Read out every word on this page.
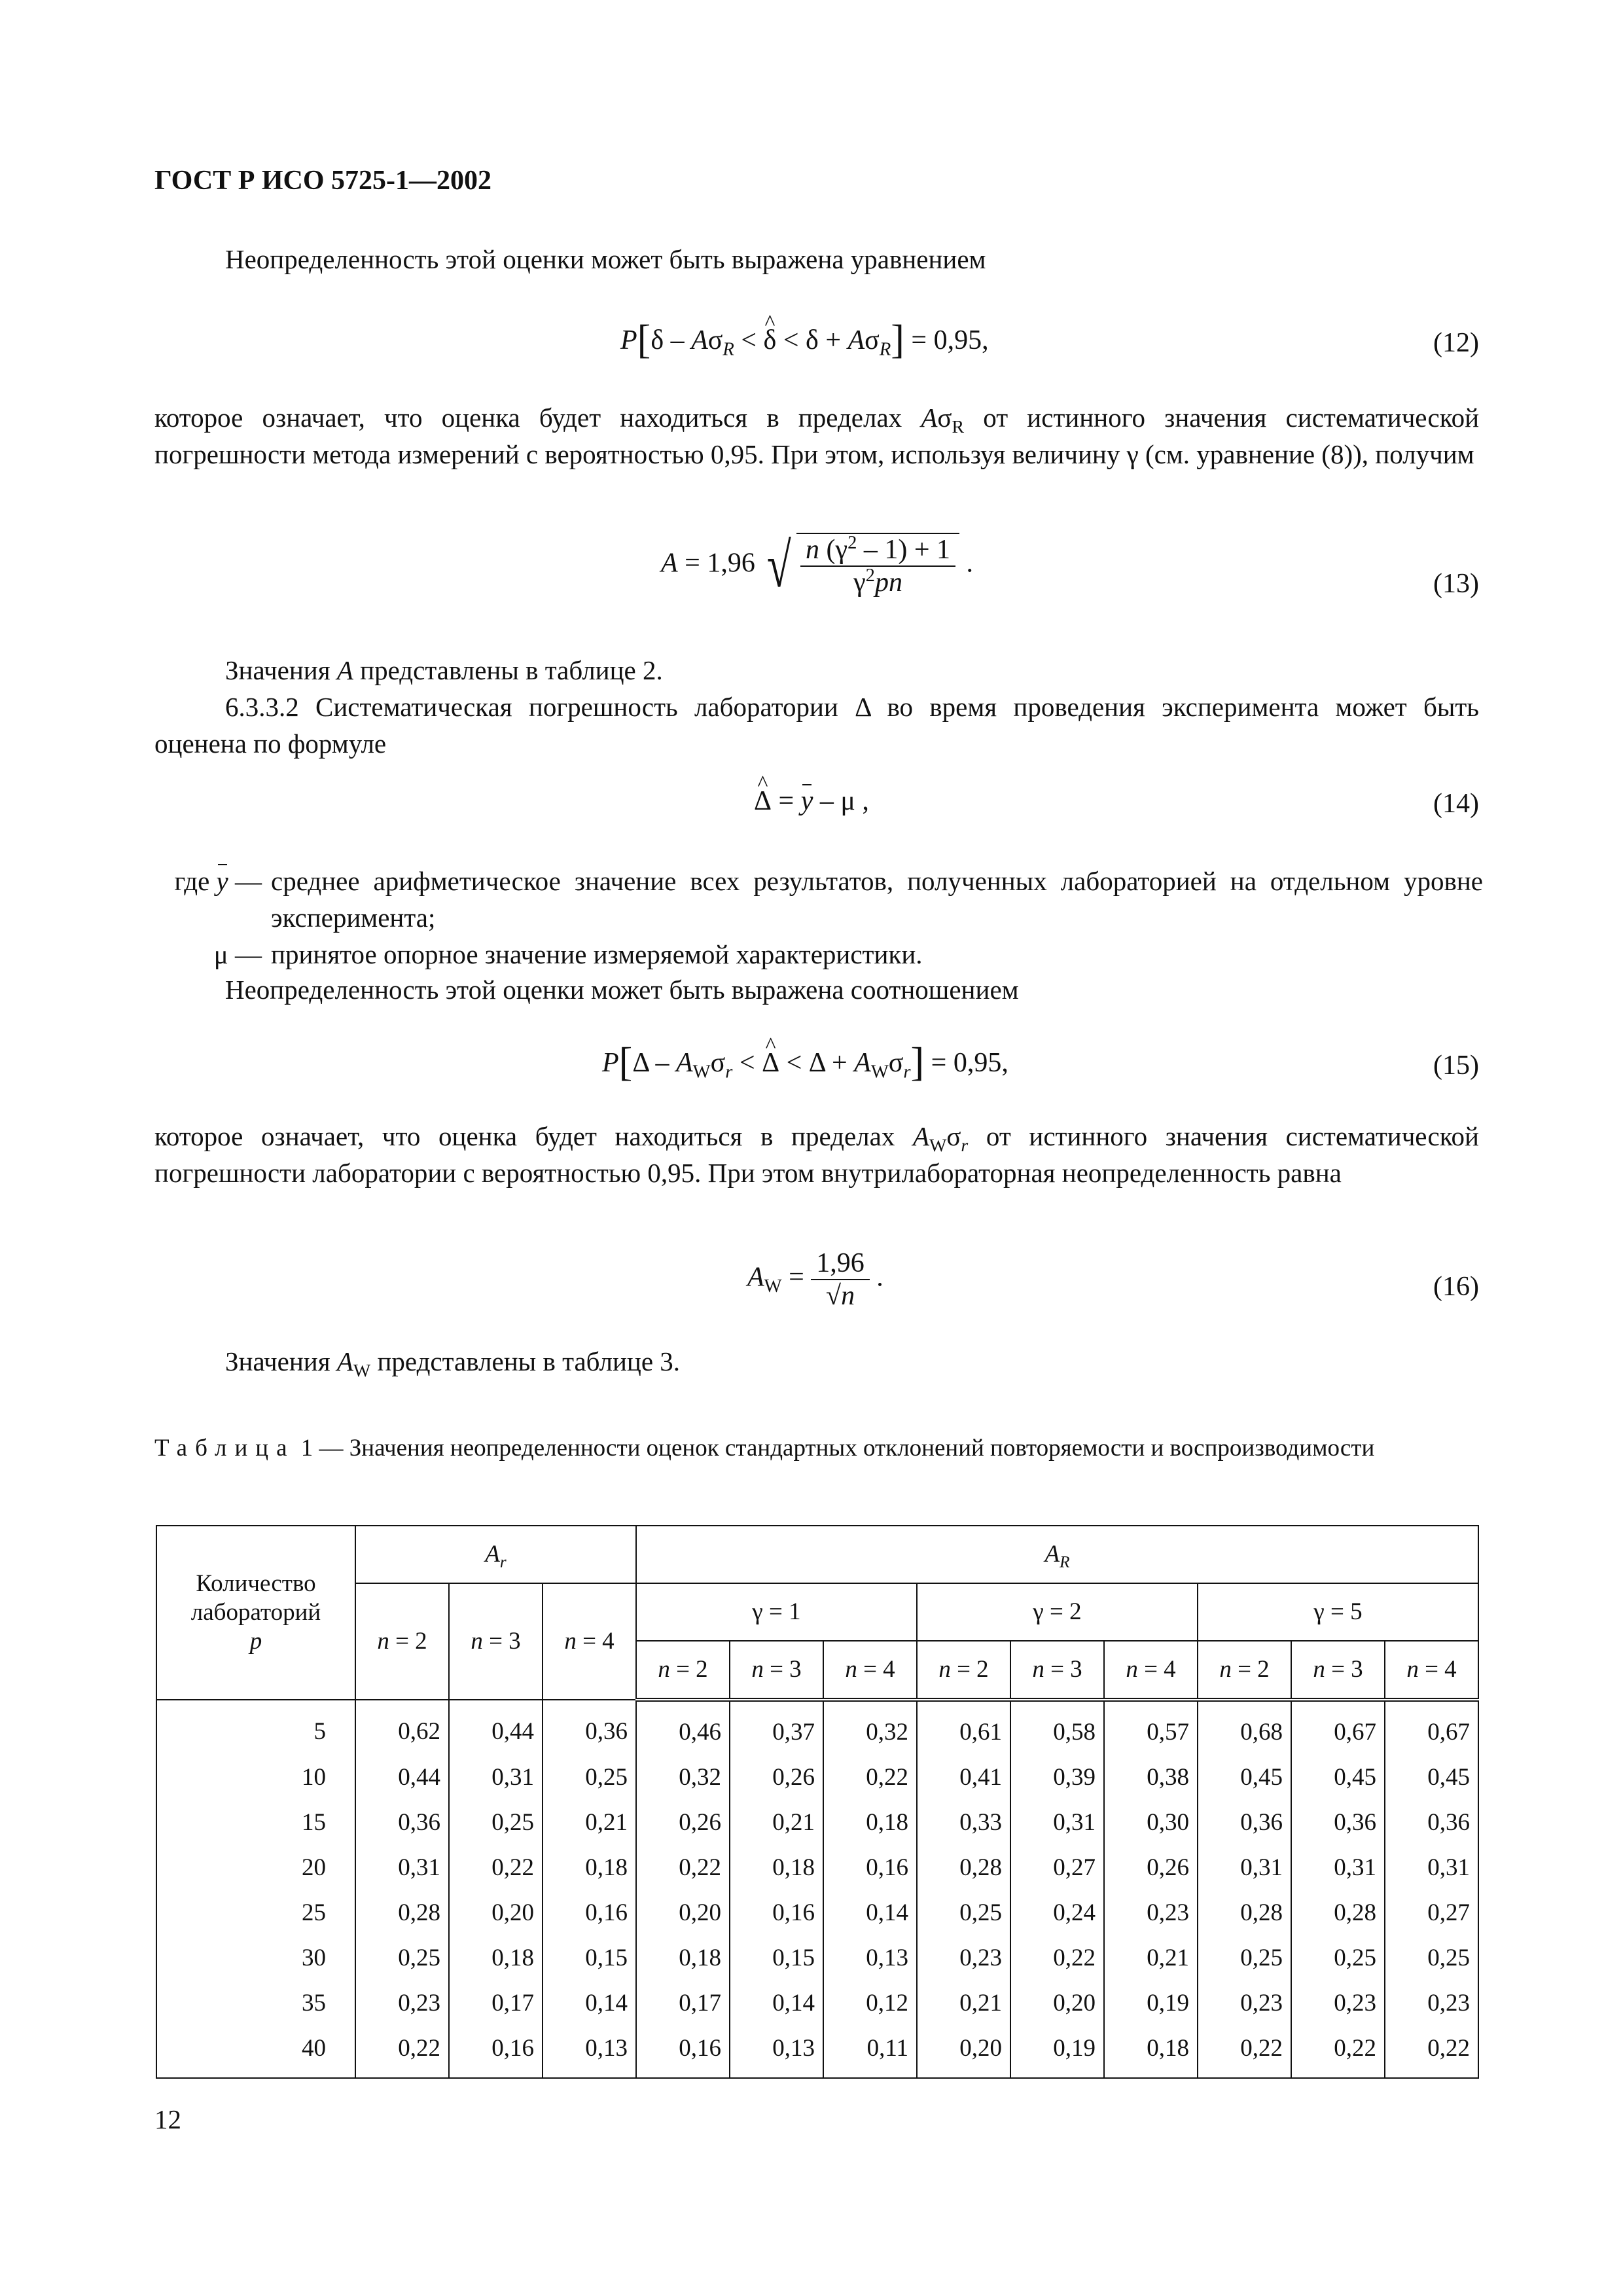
ГОСТ Р ИСО 5725-1—2002
Неопределенность этой оценки может быть выражена уравнением
$P[\delta - A\sigma_R$ < ^ $\delta < \delta + A\sigma_R] = 0,95$,	(12)
которое означает, что оценка будет находиться в пределах $A\sigma_R$ от истинного значения систематической погрешности метода измерений с вероятностью 0,95. При этом, используя величину γ (см. уравнение (8)), получим
A = 1,96 √ $\frac{n (\gamma^2 - 1) + 1}{\gamma^2pn}$ .
(13)
Значения A представлены в таблице 2.
6.3.3.2 Систематическая погрешность лаборатории Δ во время проведения эксперимента может быть оценена по формуле
^ Δ = y – μ ,	(14)
где y — среднее арифметическое значение всех результатов, полученных лабораторией на отдельном уровне эксперимента;
μ — принятое опорное значение измеряемой характеристики.
Неопределенность этой оценки может быть выражена соотношением
$P[\Delta - A_W\sigma_r$ < ^ $\Delta < \Delta + A_W\sigma_r] = 0,95$,	(15)
которое означает, что оценка будет находиться в пределах $A_W\sigma_r$ от истинного значения систематической погрешности лаборатории с вероятностью 0,95. При этом внутрилабораторная неопределенность равна
$A_W = \frac{1,96}{√n}$ .	(16)
Значения $A_W$ представлены в таблице 3.
Таблица 1 — Значения неопределенности оценок стандартных отклонений повторяемости и воспроизводимости
Количество
лабораторий
p	$A_r$			$A_R$
	n = 2	n = 3	n = 4	γ = 1			γ = 2			γ = 5		
				n = 2	n = 3	n = 4	n = 2	n = 3	n = 4	n = 2	n = 3	n = 4
5	0,62	0,44	0,36	0,46	0,37	0,32	0,61	0,58	0,57	0,68	0,67	0,67
10	0,44	0,31	0,25	0,32	0,26	0,22	0,41	0,39	0,38	0,45	0,45	0,45
15	0,36	0,25	0,21	0,26	0,21	0,18	0,33	0,31	0,30	0,36	0,36	0,36
20	0,31	0,22	0,18	0,22	0,18	0,16	0,28	0,27	0,26	0,31	0,31	0,31
25	0,28	0,20	0,16	0,20	0,16	0,14	0,25	0,24	0,23	0,28	0,28	0,27
30	0,25	0,18	0,15	0,18	0,15	0,13	0,23	0,22	0,21	0,25	0,25	0,25
35	0,23	0,17	0,14	0,17	0,14	0,12	0,21	0,20	0,19	0,23	0,23	0,23
40	0,22	0,16	0,13	0,16	0,13	0,11	0,20	0,19	0,18	0,22	0,22	0,22
12
